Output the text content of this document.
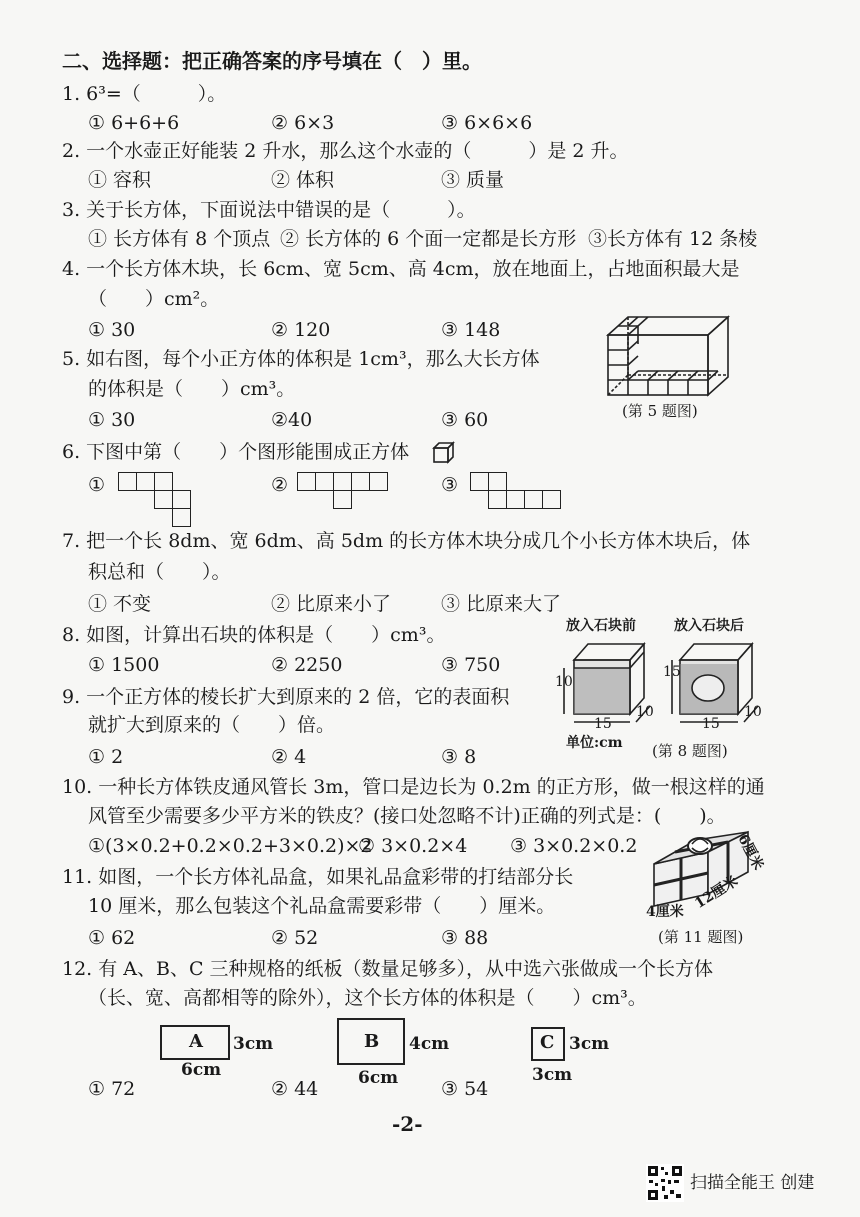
二、选择题：把正确答案的序号填在（　）里。
1. 6³=（　　　）。
① 6+6+6	② 6×3	③ 6×6×6
2. 一个水壶正好能装 2 升水，那么这个水壶的（　　　）是 2 升。
① 容积	② 体积	③ 质量
3. 关于长方体，下面说法中错误的是（　　　）。
① 长方体有 8 个顶点 ② 长方体的 6 个面一定都是长方形 ③长方体有 12 条棱
4. 一个长方体木块，长 6cm、宽 5cm、高 4cm，放在地面上，占地面积最大是
（　　）cm²。
① 30	② 120	③ 148
5. 如右图，每个小正方体的体积是 1cm³，那么大长方体
的体积是（　　）cm³。
① 30	②40	③ 60	(第 5 题图)
6. 下图中第（　　）个图形能围成正方体
①	②	③
7. 把一个长 8dm、宽 6dm、高 5dm 的长方体木块分成几个小长方体木块后，体
积总和（　　）。
① 不变	② 比原来小了	③ 比原来大了
8. 如图，计算出石块的体积是（　　）cm³。
① 1500	② 2250	③ 750
放入石块前	放入石块后
10
15
15	15
10	10
单位:cm (第 8 题图)
9. 一个正方体的棱长扩大到原来的 2 倍，它的表面积
就扩大到原来的（　　）倍。
① 2	② 4	③ 8
10. 一种长方体铁皮通风管长 3m，管口是边长为 0.2m 的正方形，做一根这样的通
风管至少需要多少平方米的铁皮？(接口处忽略不计)正确的列式是：(　　)。
①(3×0.2+0.2×0.2+3×0.2)×2
② 3×0.2×4 ③ 3×0.2×0.2
11. 如图，一个长方体礼品盒，如果礼品盒彩带的打结部分长
10 厘米，那么包装这个礼品盒需要彩带（　　）厘米。
① 62	② 52	③ 88
6厘米
12厘米
4厘米
(第 11 题图)
12. 有 A、B、C 三种规格的纸板（数量足够多），从中选六张做成一个长方体
（长、宽、高都相等的除外），这个长方体的体积是（　　）cm³。
A 3cm
6cm
B 4cm
6cm
C 3cm
3cm
① 72	② 44	③ 54
-2-
扫描全能王 创建
